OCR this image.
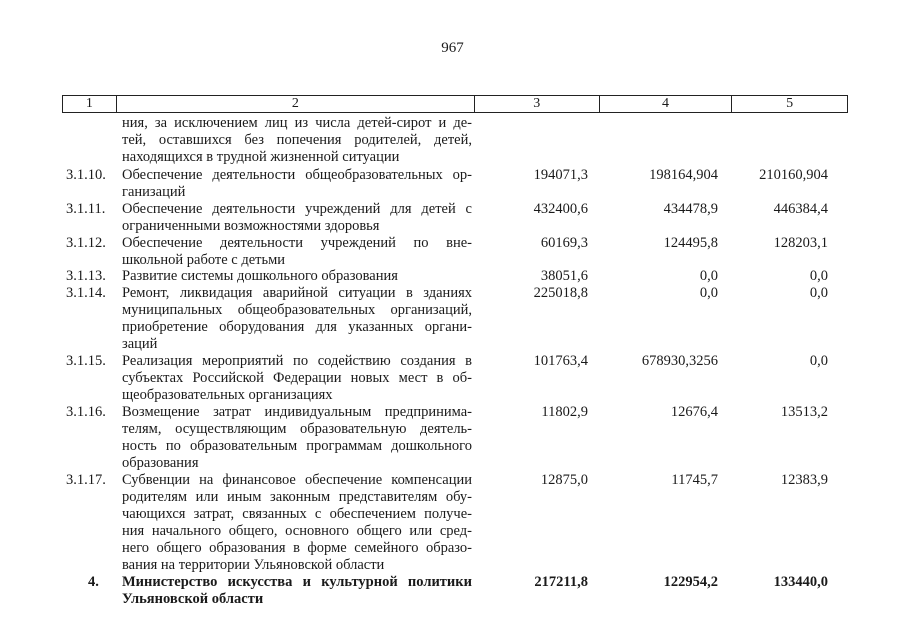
967
1	2	3	4	5
ния, за исключением лиц из числа детей-сирот и де-
тей, оставшихся без попечения родителей, детей,
находящихся в трудной жизненной ситуации
3.1.10. Обеспечение деятельности общеобразовательных ор-
ганизаций
194071,3	198164,904	210160,904
3.1.11. Обеспечение деятельности учреждений для детей с
ограниченными возможностями здоровья
432400,6	434478,9	446384,4
3.1.12. Обеспечение деятельности учреждений по вне-
школьной работе с детьми
60169,3	124495,8	128203,1
3.1.13. Развитие системы дошкольного образования	38051,6	0,0	0,0
3.1.14. Ремонт, ликвидация аварийной ситуации в зданиях
муниципальных общеобразовательных организаций,
приобретение оборудования для указанных органи-
заций
225018,8	0,0	0,0
3.1.15. Реализация мероприятий по содействию создания в
субъектах Российской Федерации новых мест в об-
щеобразовательных организациях
101763,4	678930,3256	0,0
3.1.16. Возмещение затрат индивидуальным предпринима-
телям, осуществляющим образовательную деятель-
ность по образовательным программам дошкольного
образования
11802,9	12676,4	13513,2
3.1.17. Субвенции на финансовое обеспечение компенсации
родителям или иным законным представителям обу-
чающихся затрат, связанных с обеспечением получе-
ния начального общего, основного общего или сред-
него общего образования в форме семейного образо-
вания на территории Ульяновской области
12875,0	11745,7	12383,9
4. Министерство искусства и культурной политики
Ульяновской области
217211,8	122954,2	133440,0
